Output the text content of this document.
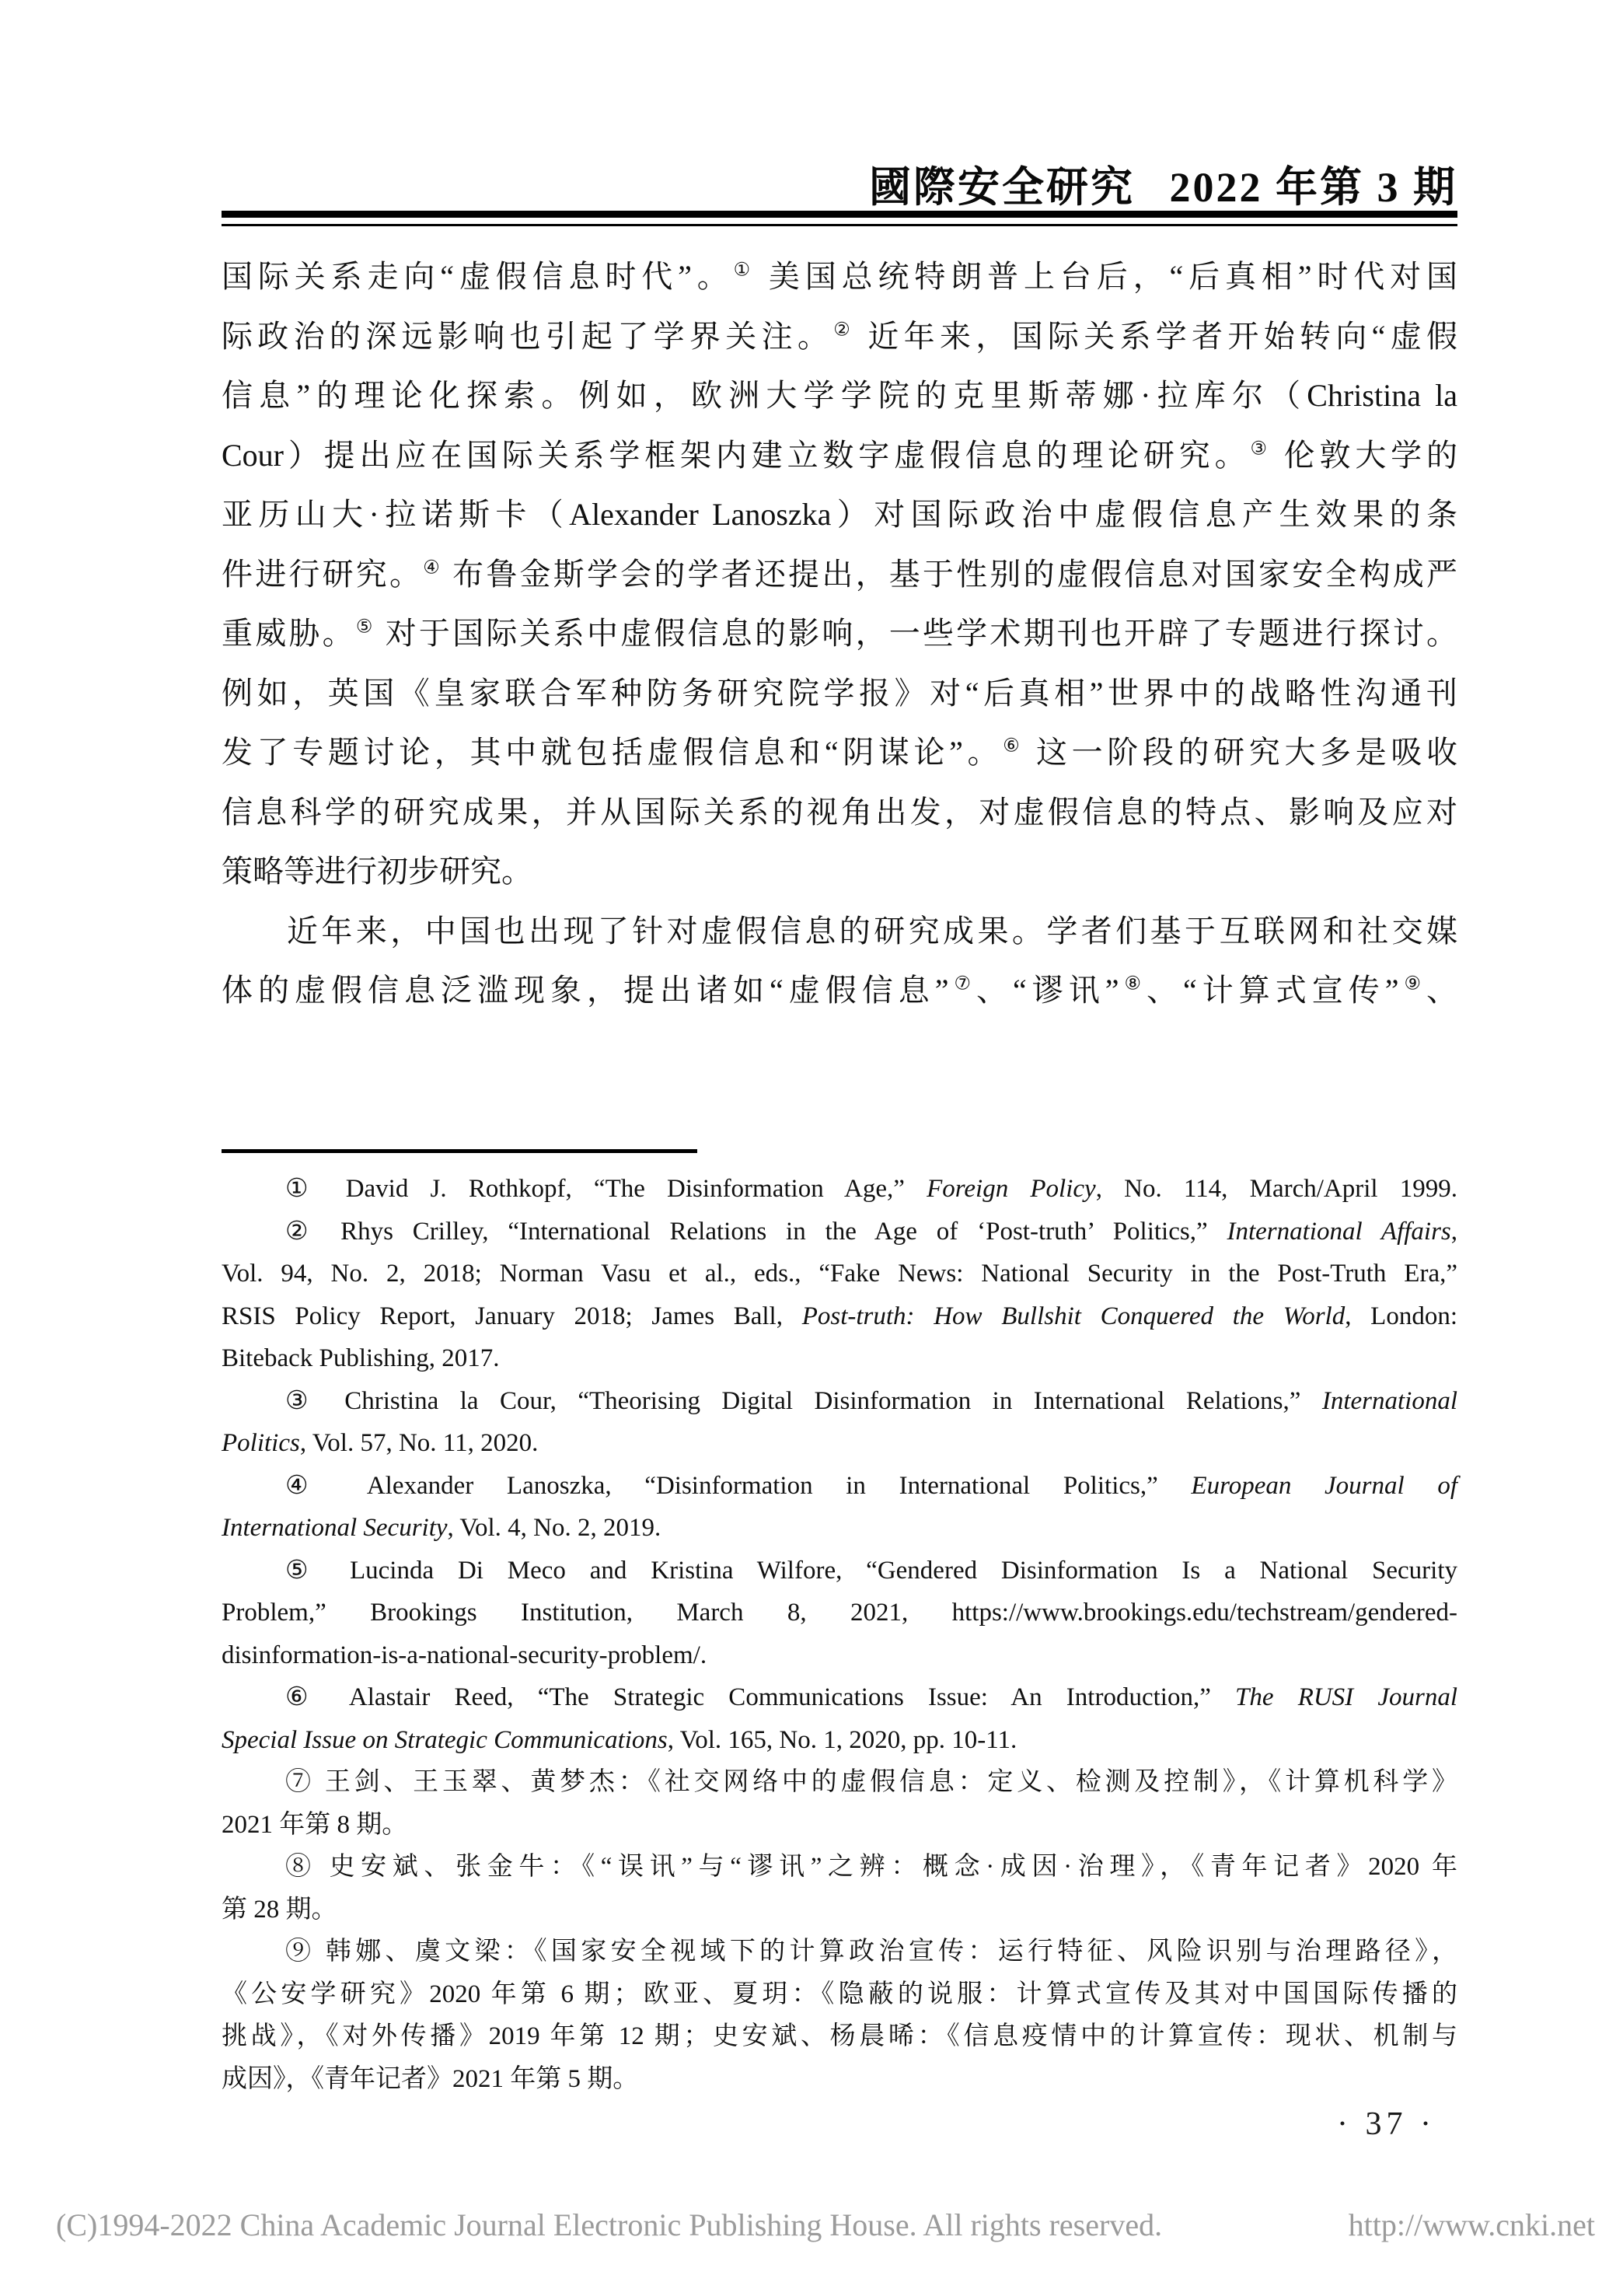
國際安全研究 2022 年第 3 期
国际关系走向“虚假信息时代”。① 美国总统特朗普上台后，“后真相”时代对国
际政治的深远影响也引起了学界关注。② 近年来，国际关系学者开始转向“虚假
信息”的理论化探索。例如，欧洲大学学院的克里斯蒂娜·拉库尔（Christina la
Cour）提出应在国际关系学框架内建立数字虚假信息的理论研究。③ 伦敦大学的
亚历山大·拉诺斯卡（Alexander Lanoszka）对国际政治中虚假信息产生效果的条
件进行研究。④ 布鲁金斯学会的学者还提出，基于性别的虚假信息对国家安全构成严
重威胁。⑤ 对于国际关系中虚假信息的影响，一些学术期刊也开辟了专题进行探讨。
例如，英国《皇家联合军种防务研究院学报》对“后真相”世界中的战略性沟通刊
发了专题讨论，其中就包括虚假信息和“阴谋论”。⑥ 这一阶段的研究大多是吸收
信息科学的研究成果，并从国际关系的视角出发，对虚假信息的特点、影响及应对
策略等进行初步研究。
近年来，中国也出现了针对虚假信息的研究成果。学者们基于互联网和社交媒
体的虚假信息泛滥现象，提出诸如“虚假信息”⑦、“谬讯”⑧、“计算式宣传”⑨、
① David J. Rothkopf, “The Disinformation Age,” Foreign Policy, No. 114, March/April 1999.
② Rhys Crilley, “International Relations in the Age of ‘Post-truth’ Politics,” International Affairs,
Vol. 94, No. 2, 2018; Norman Vasu et al., eds., “Fake News: National Security in the Post-Truth Era,”
RSIS Policy Report, January 2018; James Ball, Post-truth: How Bullshit Conquered the World, London:
Biteback Publishing, 2017.
③ Christina la Cour, “Theorising Digital Disinformation in International Relations,” International
Politics, Vol. 57, No. 11, 2020.
④ Alexander Lanoszka, “Disinformation in International Politics,” European Journal of
International Security, Vol. 4, No. 2, 2019.
⑤ Lucinda Di Meco and Kristina Wilfore, “Gendered Disinformation Is a National Security
Problem,” Brookings Institution, March 8, 2021, https://www.brookings.edu/techstream/gendered-
disinformation-is-a-national-security-problem/.
⑥ Alastair Reed, “The Strategic Communications Issue: An Introduction,” The RUSI Journal
Special Issue on Strategic Communications, Vol. 165, No. 1, 2020, pp. 10-11.
⑦ 王剑、王玉翠、黄梦杰：《社交网络中的虚假信息：定义、检测及控制》，《计算机科学》
2021 年第 8 期。
⑧ 史安斌、张金牛：《“误讯”与“谬讯”之辨：概念·成因·治理》，《青年记者》2020 年
第 28 期。
⑨ 韩娜、虞文梁：《国家安全视域下的计算政治宣传：运行特征、风险识别与治理路径》，
《公安学研究》2020 年第 6 期；欧亚、夏玥：《隐蔽的说服：计算式宣传及其对中国国际传播的
挑战》，《对外传播》2019 年第 12 期；史安斌、杨晨晞：《信息疫情中的计算宣传：现状、机制与
成因》，《青年记者》2021 年第 5 期。
· 37 ·
(C)1994-2022 China Academic Journal Electronic Publishing House. All rights reserved.	http://www.cnki.net
